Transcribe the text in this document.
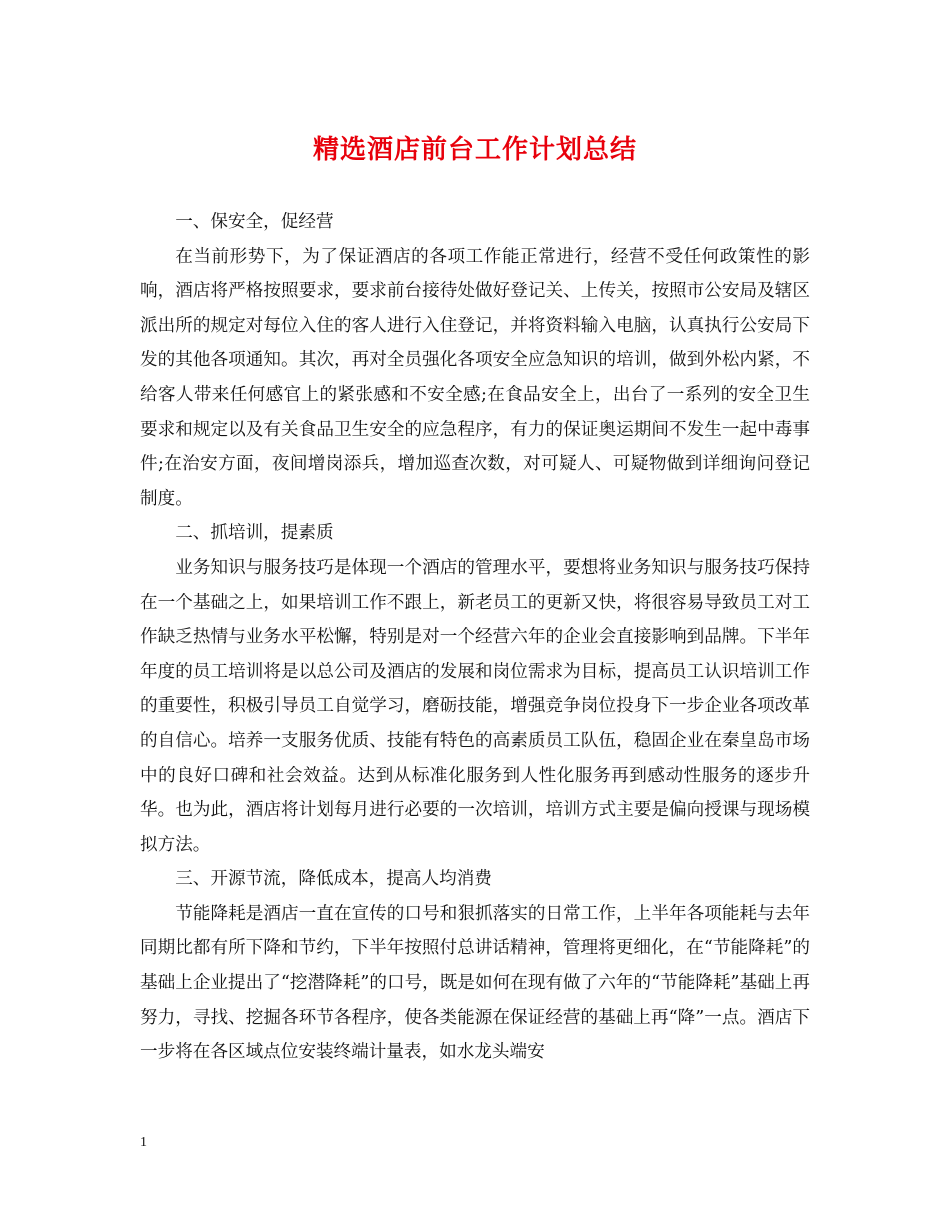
精选酒店前台工作计划总结

一、保安全，促经营

在当前形势下，为了保证酒店的各项工作能正常进行，经营不受任何政策性的影响，酒店将严格按照要求，要求前台接待处做好登记关、上传关，按照市公安局及辖区派出所的规定对每位入住的客人进行入住登记，并将资料输入电脑，认真执行公安局下发的其他各项通知。其次，再对全员强化各项安全应急知识的培训，做到外松内紧，不给客人带来任何感官上的紧张感和不安全感;在食品安全上，出台了一系列的安全卫生要求和规定以及有关食品卫生安全的应急程序，有力的保证奥运期间不发生一起中毒事件;在治安方面，夜间增岗添兵，增加巡查次数，对可疑人、可疑物做到详细询问登记制度。

二、抓培训，提素质

业务知识与服务技巧是体现一个酒店的管理水平，要想将业务知识与服务技巧保持在一个基础之上，如果培训工作不跟上，新老员工的更新又快，将很容易导致员工对工作缺乏热情与业务水平松懈，特别是对一个经营六年的企业会直接影响到品牌。下半年年度的员工培训将是以总公司及酒店的发展和岗位需求为目标，提高员工认识培训工作的重要性，积极引导员工自觉学习，磨砺技能，增强竞争岗位投身下一步企业各项改革的自信心。培养一支服务优质、技能有特色的高素质员工队伍，稳固企业在秦皇岛市场中的良好口碑和社会效益。达到从标准化服务到人性化服务再到感动性服务的逐步升华。也为此，酒店将计划每月进行必要的一次培训，培训方式主要是偏向授课与现场模拟方法。

三、开源节流，降低成本，提高人均消费

节能降耗是酒店一直在宣传的口号和狠抓落实的日常工作，上半年各项能耗与去年同期比都有所下降和节约，下半年按照付总讲话精神，管理将更细化，在“节能降耗”的基础上企业提出了“挖潜降耗”的口号，既是如何在现有做了六年的“节能降耗”基础上再努力，寻找、挖掘各环节各程序，使各类能源在保证经营的基础上再“降”一点。酒店下一步将在各区域点位安装终端计量表，如水龙头端安

1
